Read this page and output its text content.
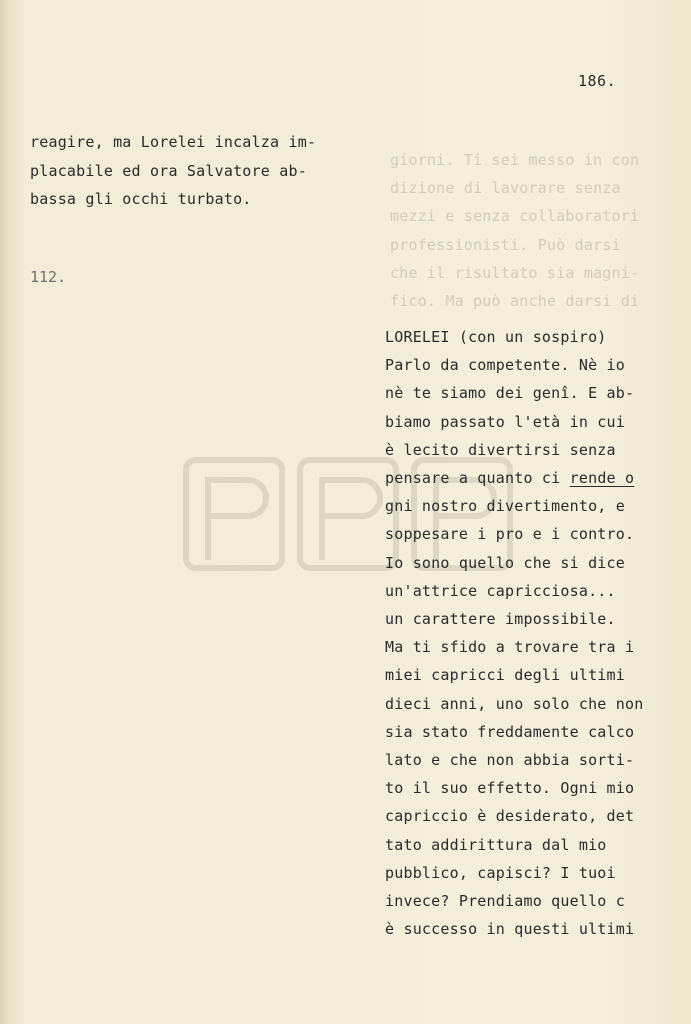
186.
reagire, ma Lorelei incalza im-
placabile ed ora Salvatore ab-
bassa gli occhi turbato.
112.
giorni. Ti sei messo in con
dizione di lavorare senza
mezzi e senza collaboratori
professionisti. Può darsi
che il risultato sia magni-
fico. Ma può anche darsi di
LORELEI (con un sospiro)
Parlo da competente. Nè io
nè te siamo dei genî. E ab-
biamo passato l'età in cui
è lecito divertirsi senza
pensare a quanto ci rende o
gni nostro divertimento, e
soppesare i pro e i contro.
Io sono quello che si dice
un'attrice capricciosa...
un carattere impossibile.
Ma ti sfido a trovare tra i
miei capricci degli ultimi
dieci anni, uno solo che non
sia stato freddamente calco
lato e che non abbia sorti-
to il suo effetto. Ogni mio
capriccio è desiderato, det
tato addirittura dal mio
pubblico, capisci? I tuoi
invece? Prendiamo quello c
è successo in questi ultimi
